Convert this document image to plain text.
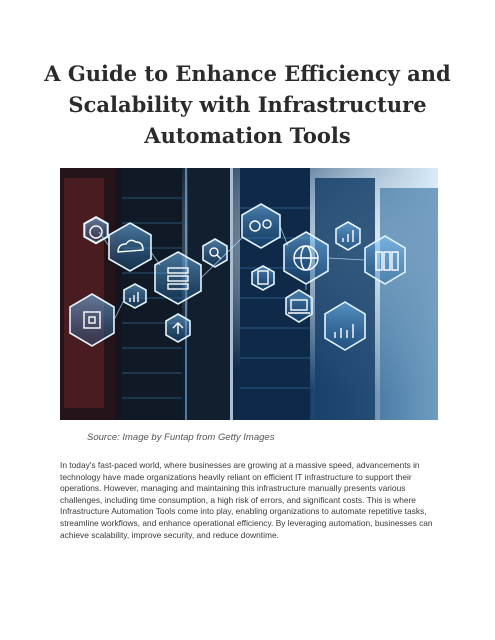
A Guide to Enhance Efficiency and Scalability with Infrastructure Automation Tools

Source: Image by Funtap from Getty Images

In today's fast-paced world, where businesses are growing at a massive speed, advancements in technology have made organizations heavily reliant on efficient IT infrastructure to support their operations. However, managing and maintaining this infrastructure manually presents various challenges, including time consumption, a high risk of errors, and significant costs. This is where Infrastructure Automation Tools come into play, enabling organizations to automate repetitive tasks, streamline workflows, and enhance operational efficiency. By leveraging automation, businesses can achieve scalability, improve security, and reduce downtime.
